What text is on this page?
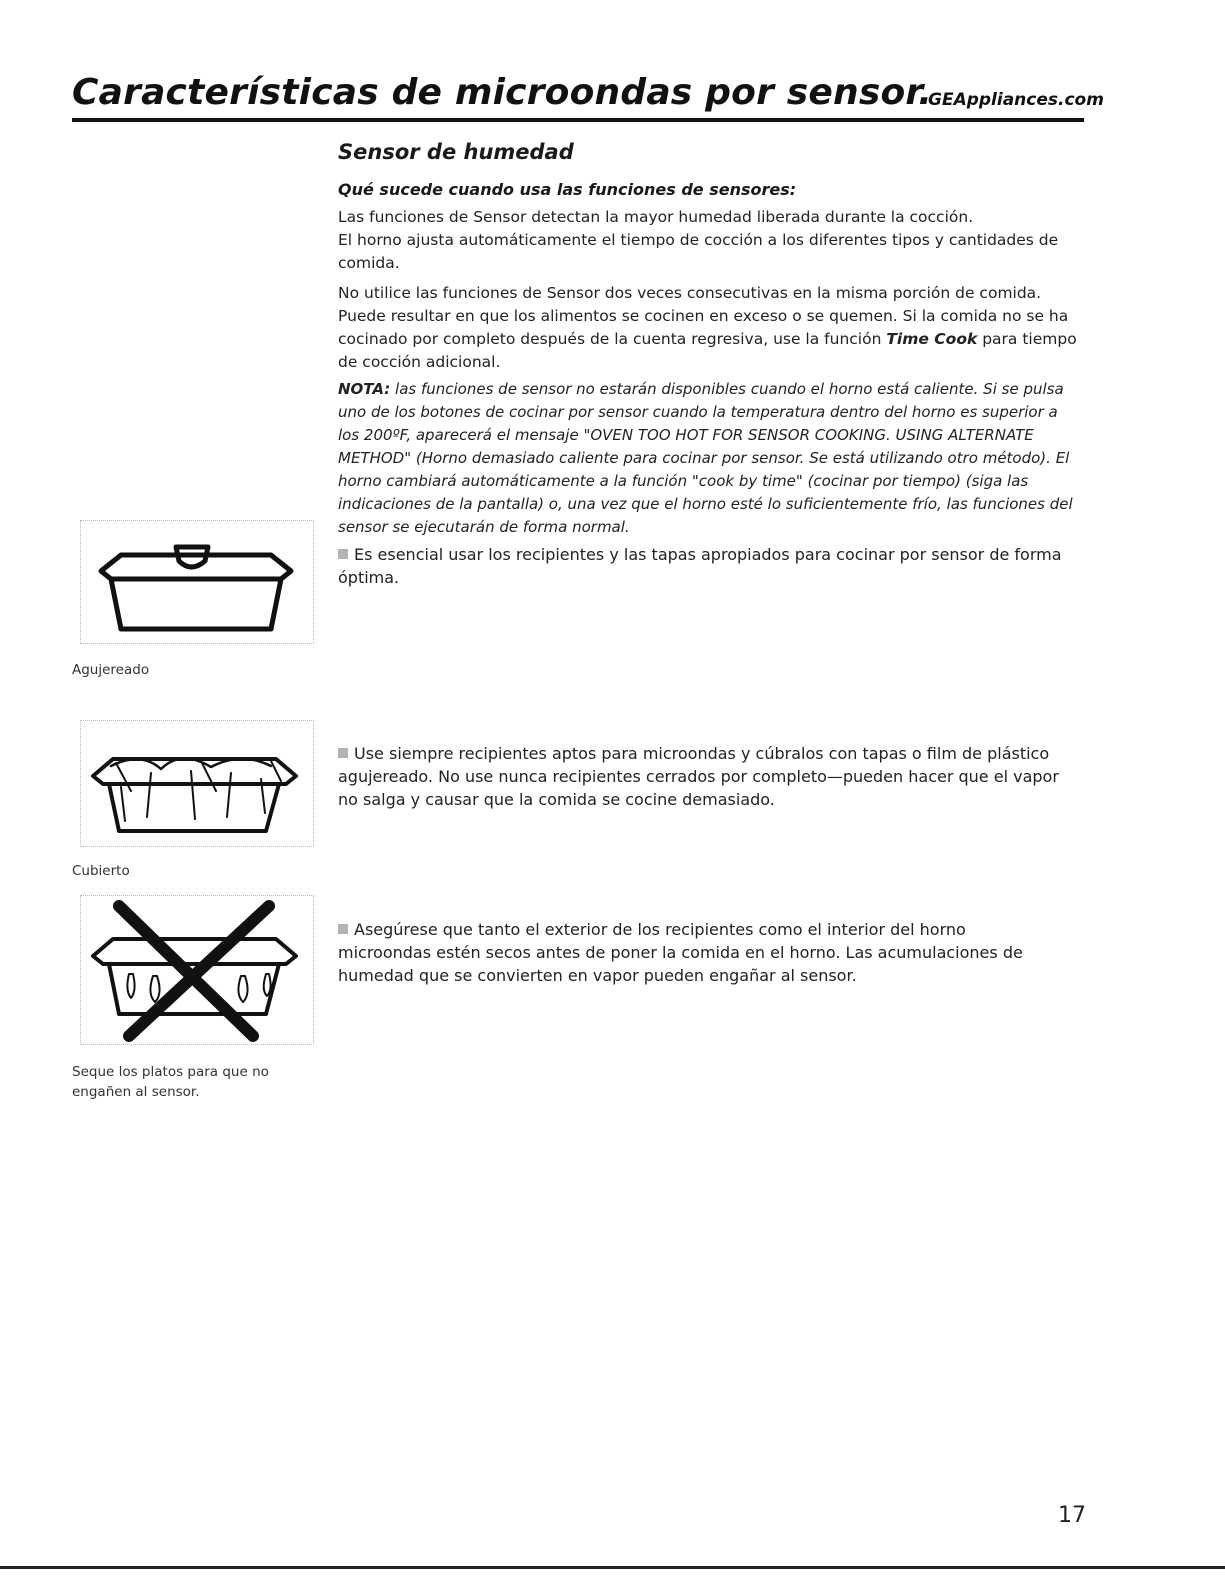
Características de microondas por sensor.
GEAppliances.com
Sensor de humedad
Qué sucede cuando usa las funciones de sensores:
Las funciones de Sensor detectan la mayor humedad liberada durante la cocción.
El horno ajusta automáticamente el tiempo de cocción a los diferentes tipos y cantidades de comida.
No utilice las funciones de Sensor dos veces consecutivas en la misma porción de comida. Puede resultar en que los alimentos se cocinen en exceso o se quemen. Si la comida no se ha cocinado por completo después de la cuenta regresiva, use la función Time Cook para tiempo de cocción adicional.
NOTA: las funciones de sensor no estarán disponibles cuando el horno está caliente. Si se pulsa uno de los botones de cocinar por sensor cuando la temperatura dentro del horno es superior a los 200ºF, aparecerá el mensaje "OVEN TOO HOT FOR SENSOR COOKING. USING ALTERNATE METHOD" (Horno demasiado caliente para cocinar por sensor. Se está utilizando otro método). El horno cambiará automáticamente a la función "cook by time" (cocinar por tiempo) (siga las indicaciones de la pantalla) o, una vez que el horno esté lo suficientemente frío, las funciones del sensor se ejecutarán de forma normal.
Agujereado
Es esencial usar los recipientes y las tapas apropiados para cocinar por sensor de forma óptima.
Cubierto
Use siempre recipientes aptos para microondas y cúbralos con tapas o film de plástico agujereado. No use nunca recipientes cerrados por completo—pueden hacer que el vapor no salga y causar que la comida se cocine demasiado.
Seque los platos para que no engañen al sensor.
Asegúrese que tanto el exterior de los recipientes como el interior del horno microondas estén secos antes de poner la comida en el horno. Las acumulaciones de humedad que se convierten en vapor pueden engañar al sensor.
17
